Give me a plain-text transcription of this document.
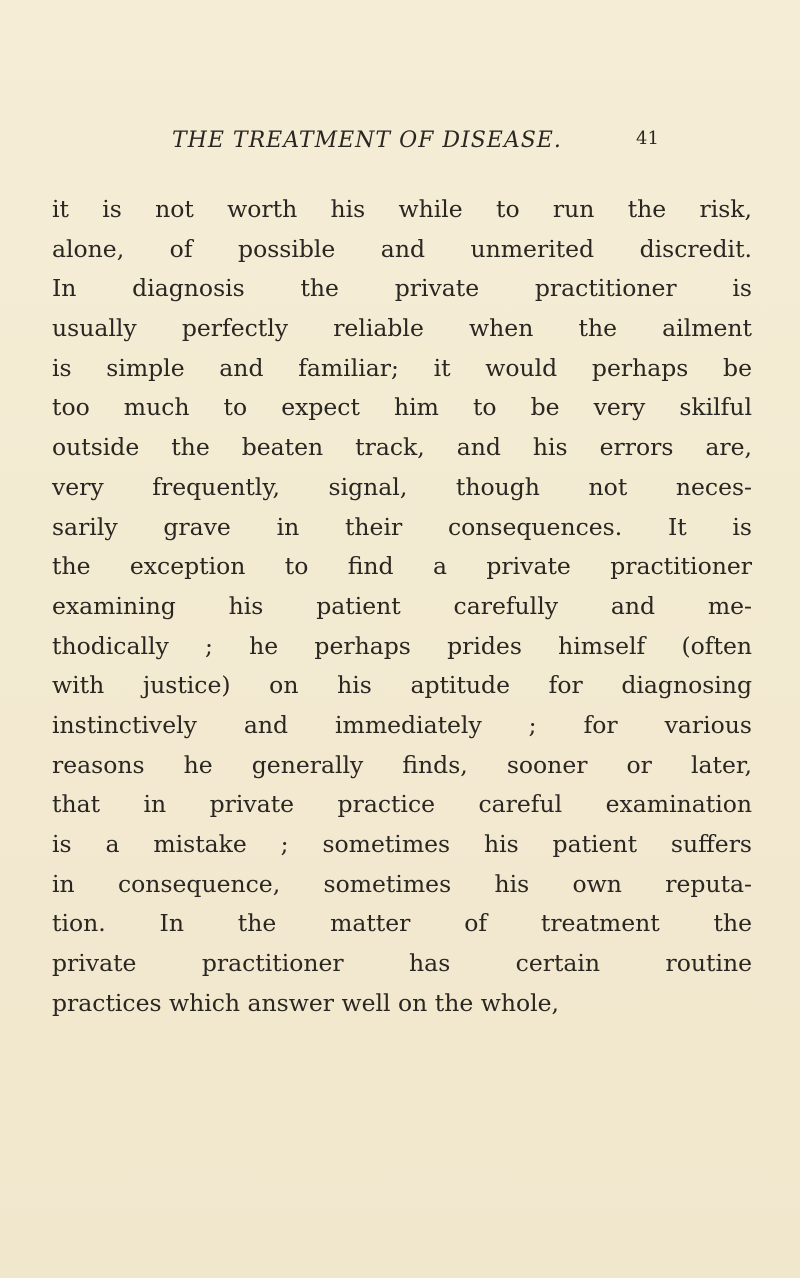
THE TREATMENT OF DISEASE.	41
it is not worth his while to run the risk,
alone, of possible and unmerited discredit.
In diagnosis the private practitioner is
usually perfectly reliable when the ailment
is simple and familiar; it would perhaps be
too much to expect him to be very skilful
outside the beaten track, and his errors are,
very frequently, signal, though not neces-
sarily grave in their consequences. It is
the exception to find a private practitioner
examining his patient carefully and me-
thodically ; he perhaps prides himself (often
with justice) on his aptitude for diagnosing
instinctively and immediately ; for various
reasons he generally finds, sooner or later,
that in private practice careful examination
is a mistake ; sometimes his patient suffers
in consequence, sometimes his own reputa-
tion. In the matter of treatment the
private practitioner has certain routine
practices which answer well on the whole,
